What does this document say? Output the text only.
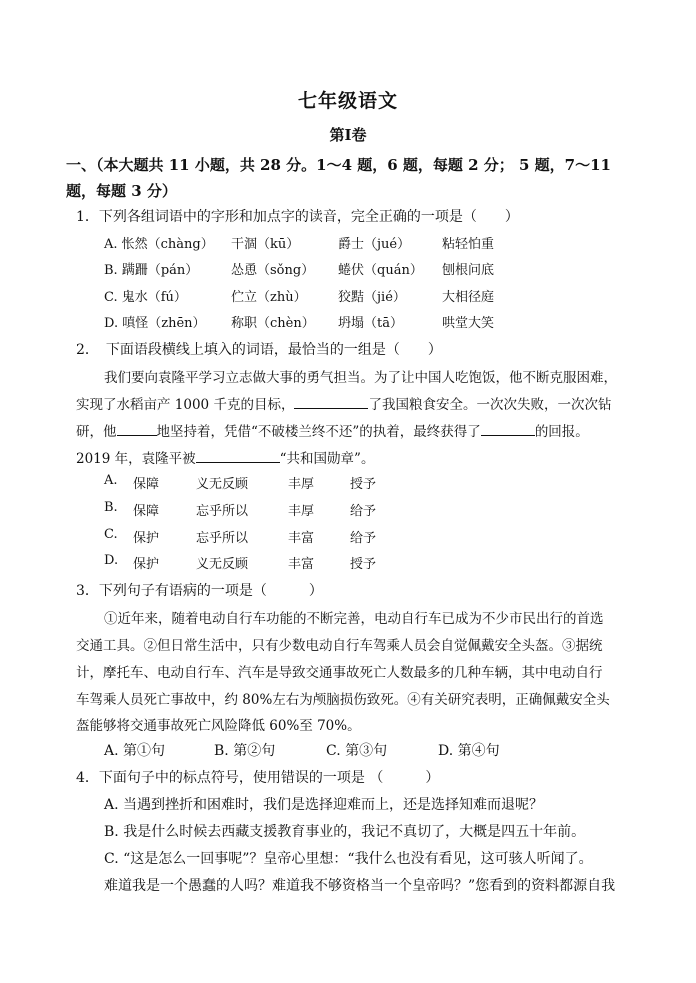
七年级语文
第Ⅰ卷
一、（本大题共 11 小题，共 28 分。1～4 题，6 题，每题 2 分； 5 题，7～11
题，每题 3 分）
1．下列各组词语中的字形和加点字的读音，完全正确的一项是（　　）
A. 怅然（chàng） 干涸（kū）	爵士（jué） 粘轻怕重
B. 蹒跚（pán）	怂恿（sǒng） 蜷伏（quán） 刨根问底
C. 鬼水（fú）	伫立（zhù） 狡黠（jié）	大相径庭
D. 嗔怪（zhēn） 称职（chèn） 坍塌（tā）	哄堂大笑
2．　下面语段横线上填入的词语，最恰当的一组是（　　）
我们要向袁隆平学习立志做大事的勇气担当。为了让中国人吃饱饭，他不断克服困难，
实现了水稻亩产 1000 千克的目标，	了我国粮食安全。一次次失败，一次次钻
研，他	地坚持着，凭借“不破楼兰终不还”的执着，最终获得了	的回报。
2019 年，袁隆平被	“共和国勋章”。
A. 保障	义无反顾	丰厚	授予
B. 保障	忘乎所以	丰厚	给予
C. 保护	忘乎所以	丰富	给予
D. 保护	义无反顾	丰富	授予
3．下列句子有语病的一项是（　　　）
①近年来，随着电动自行车功能的不断完善，电动自行车已成为不少市民出行的首选
交通工具。②但日常生活中，只有少数电动自行车驾乘人员会自觉佩戴安全头盔。③据统
计，摩托车、电动自行车、汽车是导致交通事故死亡人数最多的几种车辆，其中电动自行
车驾乘人员死亡事故中，约 80%左右为颅脑损伤致死。④有关研究表明，正确佩戴安全头
盔能够将交通事故死亡风险降低 60%至 70%。
A. 第①句	B. 第②句	C. 第③句	D. 第④句
4．下面句子中的标点符号，使用错误的一项是 （　　　）
A. 当遇到挫折和困难时，我们是选择迎难而上，还是选择知难而退呢？
B. 我是什么时候去西藏支援教育事业的，我记不真切了，大概是四五十年前。
C. “这是怎么一回事呢”？皇帝心里想：“我什么也没有看见，这可骇人听闻了。
难道我是一个愚蠢的人吗？难道我不够资格当一个皇帝吗？”您看到的资料都源自我
